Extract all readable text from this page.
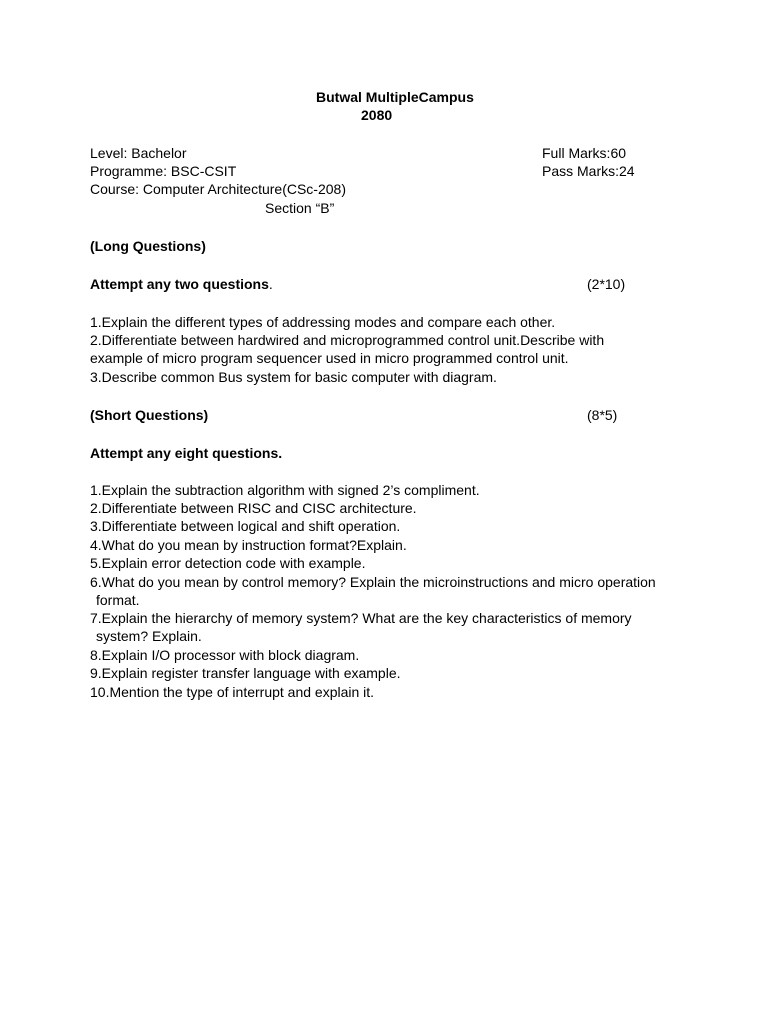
Butwal MultipleCampus
2080
Level: Bachelor
Programme: BSC-CSIT
Course: Computer Architecture(CSc-208)
Section “B”
Full Marks:60
Pass Marks:24
(Long Questions)
Attempt any two questions.	(2*10)
1.Explain the different types of addressing modes and compare each other.
2.Differentiate between hardwired and microprogrammed control unit.Describe with
example of micro program sequencer used in micro programmed control unit.
3.Describe common Bus system for basic computer with diagram.
(Short Questions)	(8*5)
Attempt any eight questions.
1.Explain the subtraction algorithm with signed 2’s compliment.
2.Differentiate between RISC and CISC architecture.
3.Differentiate between logical and shift operation.
4.What do you mean by instruction format?Explain.
5.Explain error detection code with example.
6.What do you mean by control memory? Explain the microinstructions and micro operation
format.
7.Explain the hierarchy of memory system? What are the key characteristics of memory
system? Explain.
8.Explain I/O processor with block diagram.
9.Explain register transfer language with example.
10.Mention the type of interrupt and explain it.
